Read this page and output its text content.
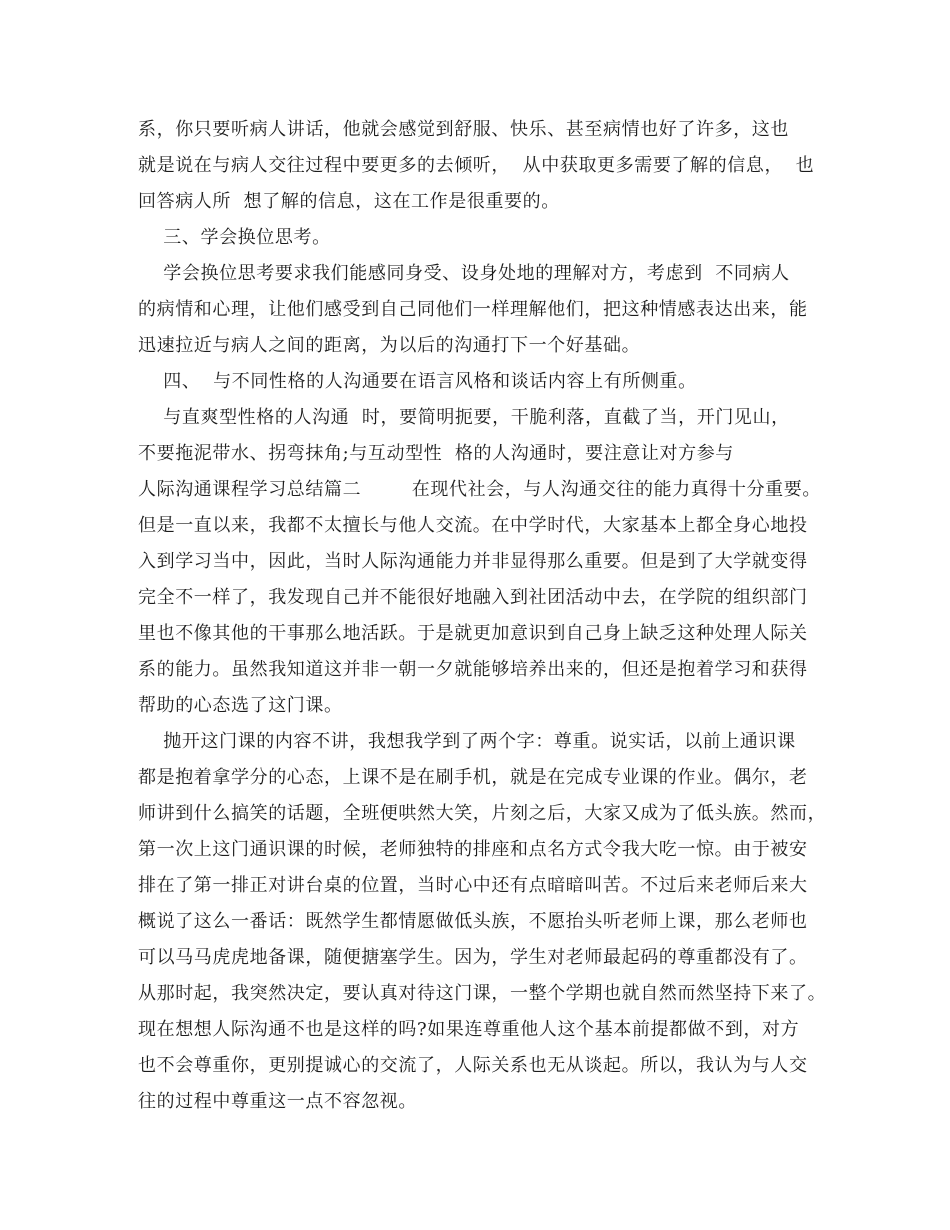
系，你只要听病人讲话，他就会感觉到舒服、快乐、甚至病情也好了许多，这也
就是说在与病人交往过程中要更多的去倾听，  从中获取更多需要了解的信息，  也
回答病人所  想了解的信息，这在工作是很重要的。
三、学会换位思考。
学会换位思考要求我们能感同身受、设身处地的理解对方，考虑到  不同病人
的病情和心理，让他们感受到自己同他们一样理解他们，把这种情感表达出来，能
迅速拉近与病人之间的距离，为以后的沟通打下一个好基础。
四、  与不同性格的人沟通要在语言风格和谈话内容上有所侧重。
与直爽型性格的人沟通  时，要简明扼要，干脆利落，直截了当，开门见山，
不要拖泥带水、拐弯抹角;与互动型性  格的人沟通时，要注意让对方参与
人际沟通课程学习总结篇二        在现代社会，与人沟通交往的能力真得十分重要。
但是一直以来，我都不太擅长与他人交流。在中学时代，大家基本上都全身心地投
入到学习当中，因此，当时人际沟通能力并非显得那么重要。但是到了大学就变得
完全不一样了，我发现自己并不能很好地融入到社团活动中去，在学院的组织部门
里也不像其他的干事那么地活跃。于是就更加意识到自己身上缺乏这种处理人际关
系的能力。虽然我知道这并非一朝一夕就能够培养出来的，但还是抱着学习和获得
帮助的心态选了这门课。
抛开这门课的内容不讲，我想我学到了两个字：尊重。说实话，以前上通识课
都是抱着拿学分的心态，上课不是在刷手机，就是在完成专业课的作业。偶尔，老
师讲到什么搞笑的话题，全班便哄然大笑，片刻之后，大家又成为了低头族。然而，
第一次上这门通识课的时候，老师独特的排座和点名方式令我大吃一惊。由于被安
排在了第一排正对讲台桌的位置，当时心中还有点暗暗叫苦。不过后来老师后来大
概说了这么一番话：既然学生都情愿做低头族，不愿抬头听老师上课，那么老师也
可以马马虎虎地备课，随便搪塞学生。因为，学生对老师最起码的尊重都没有了。
从那时起，我突然决定，要认真对待这门课，一整个学期也就自然而然坚持下来了。
现在想想人际沟通不也是这样的吗?如果连尊重他人这个基本前提都做不到，对方
也不会尊重你，更别提诚心的交流了，人际关系也无从谈起。所以，我认为与人交
往的过程中尊重这一点不容忽视。
